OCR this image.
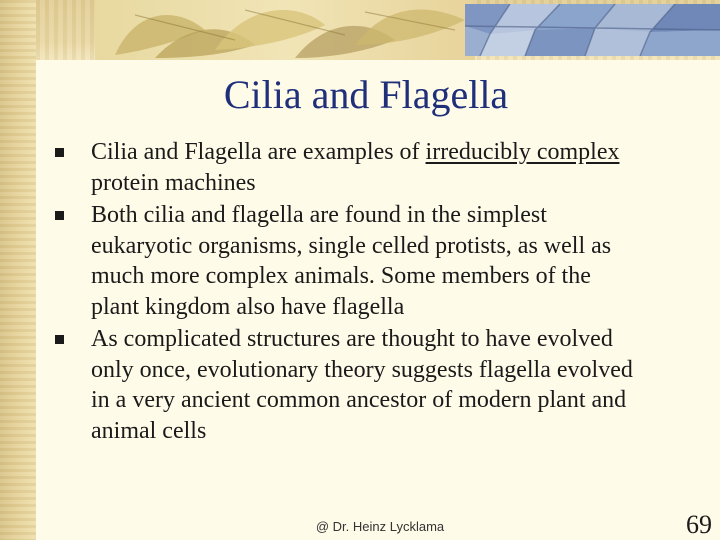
Cilia and Flagella
Cilia and Flagella are examples of irreducibly complex protein machines
Both cilia and flagella are found in the simplest eukaryotic organisms, single celled protists, as well as much more complex animals. Some members of the plant kingdom also have flagella
As complicated structures are thought to have evolved only once, evolutionary theory suggests flagella evolved in a very ancient common ancestor of modern plant and animal cells
@ Dr. Heinz Lycklama	69
